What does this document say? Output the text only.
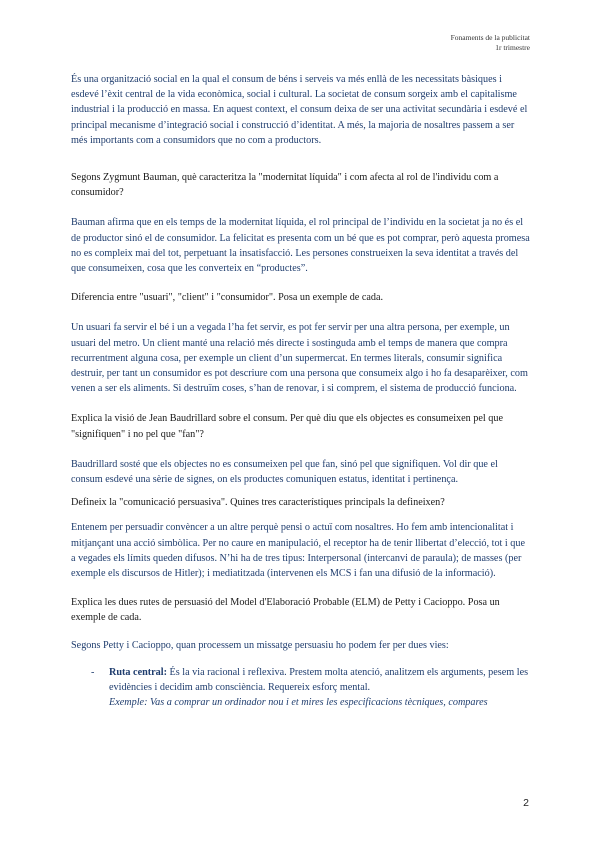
Fonaments de la publicitat
1r trimestre

És una organització social en la qual el consum de béns i serveis va més enllà de les necessitats bàsiques i esdevé l’èxit central de la vida econòmica, social i cultural. La societat de consum sorgeix amb el capitalisme industrial i la producció en massa. En aquest context, el consum deixa de ser una activitat secundària i esdevé el principal mecanisme d’integració social i construcció d’identitat. A més, la majoria de nosaltres passem a ser més importants com a consumidors que no com a productors.

Segons Zygmunt Bauman, què caracteritza la "modernitat líquida" i com afecta al rol de l'individu com a consumidor?

Bauman afirma que en els temps de la modernitat líquida, el rol principal de l’individu en la societat ja no és el de productor sinó el de consumidor. La felicitat es presenta com un bé que es pot comprar, però aquesta promesa no es compleix mai del tot, perpetuant la insatisfacció. Les persones construeixen la seva identitat a través del que consumeixen, cosa que les converteix en “productes”.

Diferencia entre "usuari", "client" i "consumidor". Posa un exemple de cada.

Un usuari fa servir el bé i un a vegada l’ha fet servir, es pot fer servir per una altra persona, per exemple, un usuari del metro. Un client manté una relació més directe i sostinguda amb el temps de manera que compra recurrentment alguna cosa, per exemple un client d’un supermercat. En termes literals, consumir significa destruir, per tant un consumidor es pot descriure com una persona que consumeix algo i ho fa desaparèixer, com venen a ser els aliments. Si destruïm coses, s’han de renovar, i si comprem, el sistema de producció funciona.

Explica la visió de Jean Baudrillard sobre el consum. Per què diu que els objectes es consumeixen pel que "signifiquen" i no pel que "fan"?

Baudrillard sosté que els objectes no es consumeixen pel que fan, sinó pel que signifiquen. Vol dir que el consum esdevé una sèrie de signes, on els productes comuniquen estatus, identitat i pertinença.

Defineix la "comunicació persuasiva". Quines tres característiques principals la defineixen?

Entenem per persuadir convèncer a un altre perquè pensi o actuï com nosaltres. Ho fem amb intencionalitat i mitjançant una acció simbòlica. Per no caure en manipulació, el receptor ha de tenir llibertat d’elecció, tot i que a vegades els límits queden difusos. N’hi ha de tres tipus: Interpersonal (intercanvi de paraula); de masses (per exemple els discursos de Hitler); i mediatitzada (intervenen els MCS i fan una difusió de la informació).

Explica les dues rutes de persuasió del Model d'Elaboració Probable (ELM) de Petty i Cacioppo. Posa un exemple de cada.

Segons Petty i Cacioppo, quan processem un missatge persuasiu ho podem fer per dues vies:

- Ruta central: És la via racional i reflexiva. Prestem molta atenció, analitzem els arguments, pesem les evidències i decidim amb consciència. Requereix esforç mental.
Exemple: Vas a comprar un ordinador nou i et mires les especificacions tècniques, compares
2
